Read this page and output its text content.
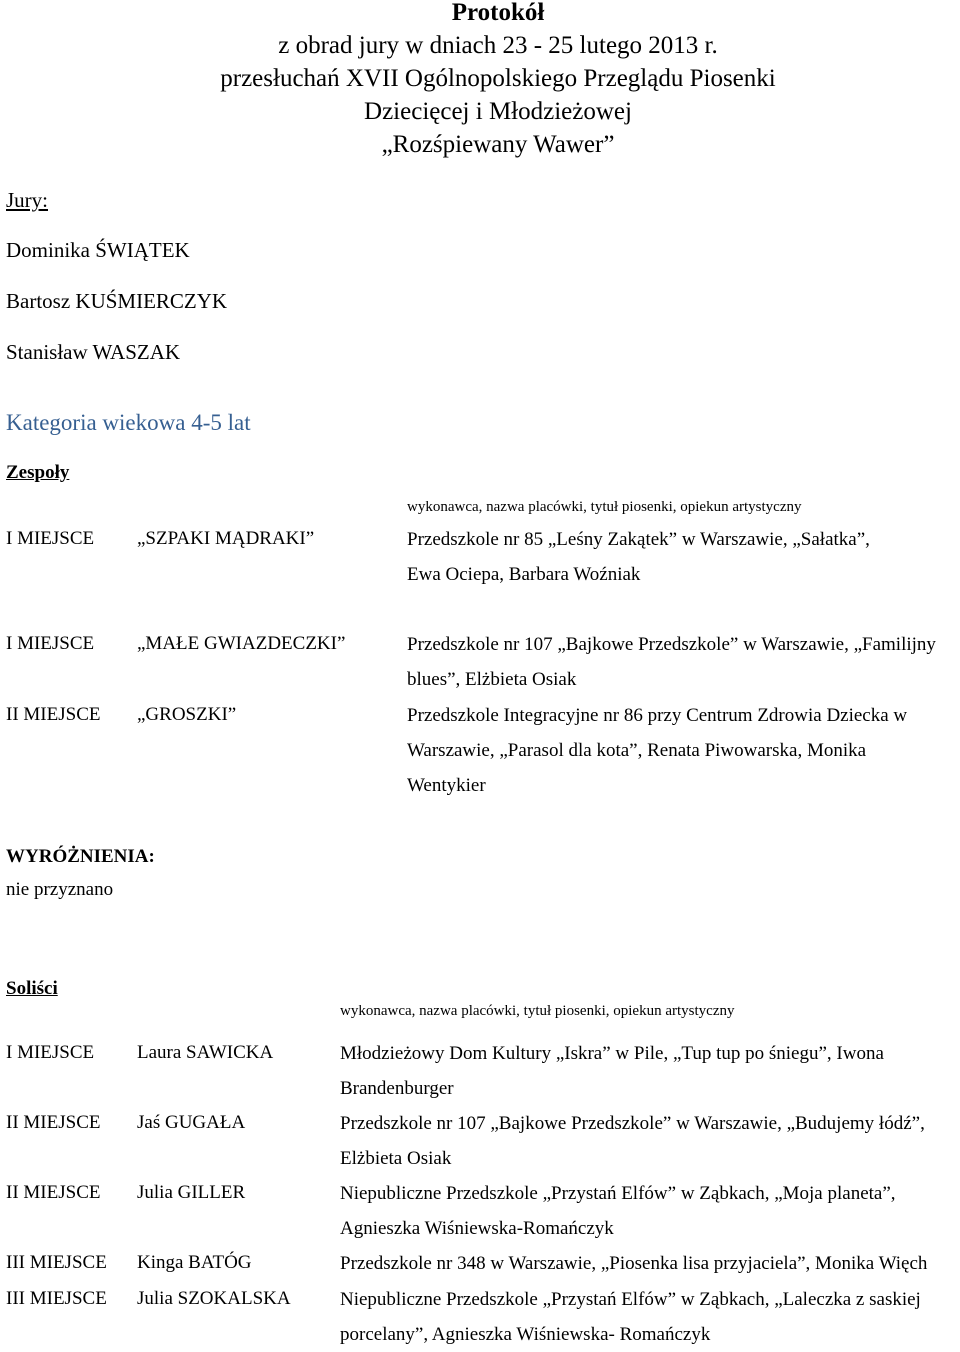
Protokół
z obrad jury w dniach 23 - 25 lutego 2013 r.
przesłuchań XVII Ogólnopolskiego Przeglądu Piosenki
Dziecięcej i Młodzieżowej
„Rozśpiewany Wawer”
Jury:
Dominika ŚWIĄTEK
Bartosz KUŚMIERCZYK
Stanisław WASZAK
Kategoria wiekowa 4-5 lat
Zespoły
wykonawca, nazwa placówki, tytuł piosenki, opiekun artystyczny
I MIEJSCE „SZPAKI MĄDRAKI”	Przedszkole nr 85 „Leśny Zakątek” w Warszawie, „Sałatka”, Ewa Ociepa, Barbara Woźniak
I MIEJSCE „MAŁE GWIAZDECZKI”	Przedszkole nr 107 „Bajkowe Przedszkole” w Warszawie, „Familijny blues”, Elżbieta Osiak
II MIEJSCE „GROSZKI”	Przedszkole Integracyjne nr 86 przy Centrum Zdrowia Dziecka w Warszawie, „Parasol dla kota”, Renata Piwowarska, Monika Wentykier
WYRÓŻNIENIA:
nie przyznano
Soliści
wykonawca, nazwa placówki, tytuł piosenki, opiekun artystyczny
I MIEJSCE Laura SAWICKA	Młodzieżowy Dom Kultury „Iskra” w Pile, „Tup tup po śniegu”, Iwona Brandenburger
II MIEJSCE Jaś GUGAŁA	Przedszkole nr 107 „Bajkowe Przedszkole” w Warszawie, „Budujemy łódź”, Elżbieta Osiak
II MIEJSCE Julia GILLER	Niepubliczne Przedszkole „Przystań Elfów” w Ząbkach, „Moja planeta”, Agnieszka Wiśniewska-Romańczyk
III MIEJSCE Kinga BATÓG	Przedszkole nr 348 w Warszawie, „Piosenka lisa przyjaciela”, Monika Więch
III MIEJSCE Julia SZOKALSKA	Niepubliczne Przedszkole „Przystań Elfów” w Ząbkach, „Laleczka z saskiej porcelany”, Agnieszka Wiśniewska- Romańczyk
